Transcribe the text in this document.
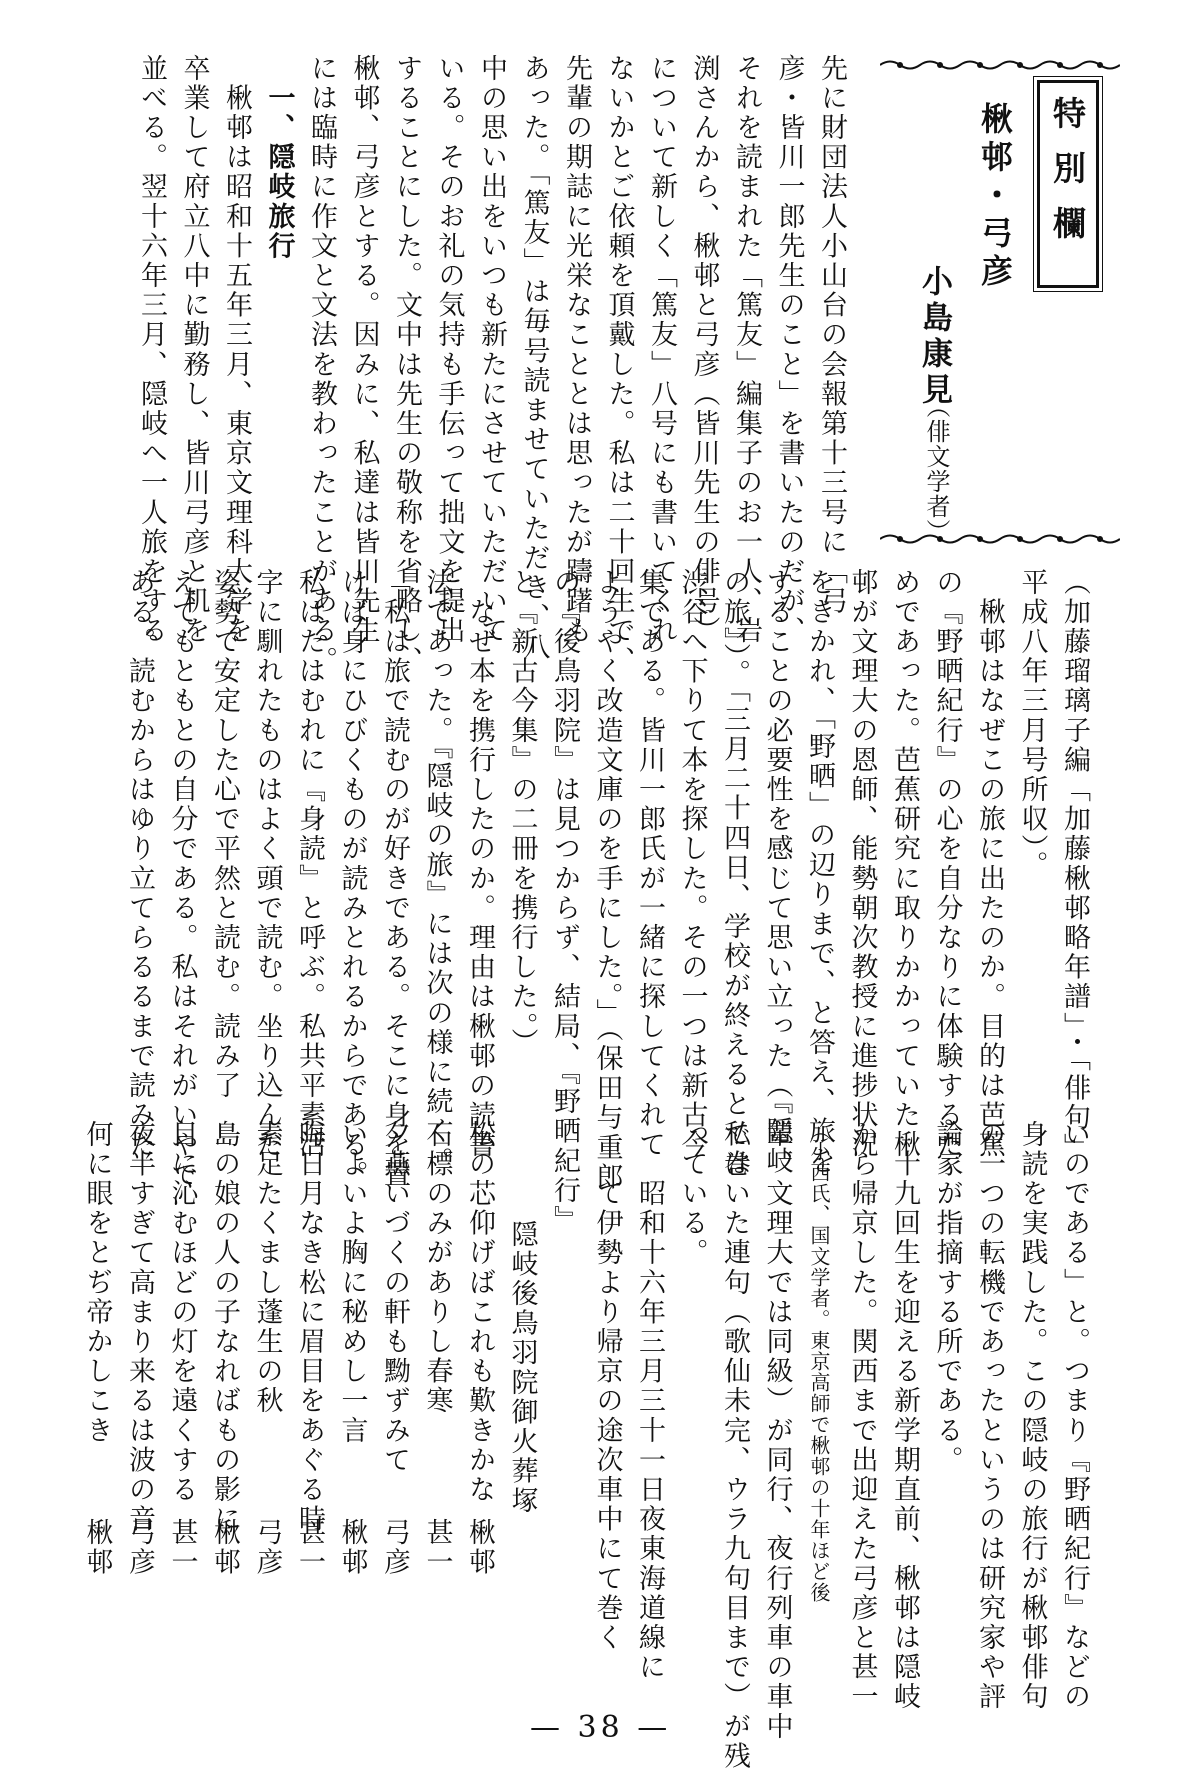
特別欄
楸邨・弓彦
小島康見
（俳文学者）
先に財団法人小山台の会報第十三号に「弓
彦・皆川一郎先生のこと」を書いたのだが、
それを読まれた「篤友」編集子のお一人、岩
渕さんから、楸邨と弓彦（皆川先生の俳号）
について新しく「篤友」八号にも書いてくれ
ないかとご依頼を頂戴した。私は二十回生で、
先輩の期誌に光栄なこととは思ったが躊躇も
あった。「篤友」は毎号読ませていただき、八
中の思い出をいつも新たにさせていただいて
いる。そのお礼の気持も手伝って拙文を提出
することにした。文中は先生の敬称を省略し、
楸邨、弓彦とする。因みに、私達は皆川先生
には臨時に作文と文法を教わったことがある。
　一、隠岐旅行
　楸邨は昭和十五年三月、東京文理科大学を
卒業して府立八中に勤務し、皆川弓彦と机を
並べる。翌十六年三月、隠岐へ一人旅をする
（加藤瑠璃子編「加藤楸邨略年譜」・「俳句」
平成八年三月号所収）。
　楸邨はなぜこの旅に出たのか。目的は芭蕉
の『野晒紀行』の心を自分なりに体験するた
めであった。芭蕉研究に取りかかっていた楸
邨が文理大の恩師、能勢朝次教授に進捗状況
をきかれ、「野晒」の辺りまで、と答え、旅を
することの必要性を感じて思い立った（『隠岐
の旅』）。「三月二十四日、学校が終えると私は
渋谷へ下りて本を探した。その一つは新古今
集である。皆川一郎氏が一緒に探してくれて
ようやく改造文庫のを手にした。」（保田与重郎
の『後鳥羽院』は見つからず、結局、『野晒紀行』
と『新古今集』の二冊を携行した。）
　なぜ本を携行したのか。理由は楸邨の読書
法であった。『隠岐の旅』には次の様に続く。
「私は旅で読むのが好きである。そこに身を置
けば身にひびくものが読みとれるからである。
私はたはむれに『身読』と呼ぶ。私共平素活
字に馴れたものはよく頭で読む。坐り込んだ
姿勢で安定した心で平然と読む。読み了
えてもともとの自分である。私はそれがいやで
ある。読むからはゆり立てらるるまで読みた
いのである」と。つまり『野晒紀行』などの
身読を実践した。この隠岐の旅行が楸邨俳句
の一つの転機であったというのは研究家や評
論家が指摘する所である。
　十九回生を迎える新学期直前、楸邨は隠岐
から帰京した。関西まで出迎えた弓彦と甚一
（小西氏、国文学者。東京高師で楸邨の十年ほど後
輩、文理大では同級）が同行、夜行列車の車中
で巻いた連句（歌仙未完、ウラ九句目まで）が残
っている。
　　昭和十六年三月三十一日夜東海道線に
　　て伊勢より帰京の途次車中にて巻く
隠岐後鳥羽院御火葬塚
松の芯仰げばこれも歎きかな
石標のみがありし春寒
夕燕いづくの軒も黝ずみて
いよいよ胸に秘めし一言
晦日月なき松に眉目をあぐる時
素足たくまし蓬生の秋
島の娘の人の子なればもの影に
目に沁むほどの灯を遠くする
夜半すぎて高まり来るは波の音
何に眼をとぢ帝かしこき
楸邨
甚一
弓彦
楸邨
甚一
弓彦
楸邨
甚一
弓彦
楸邨
— 38 —
